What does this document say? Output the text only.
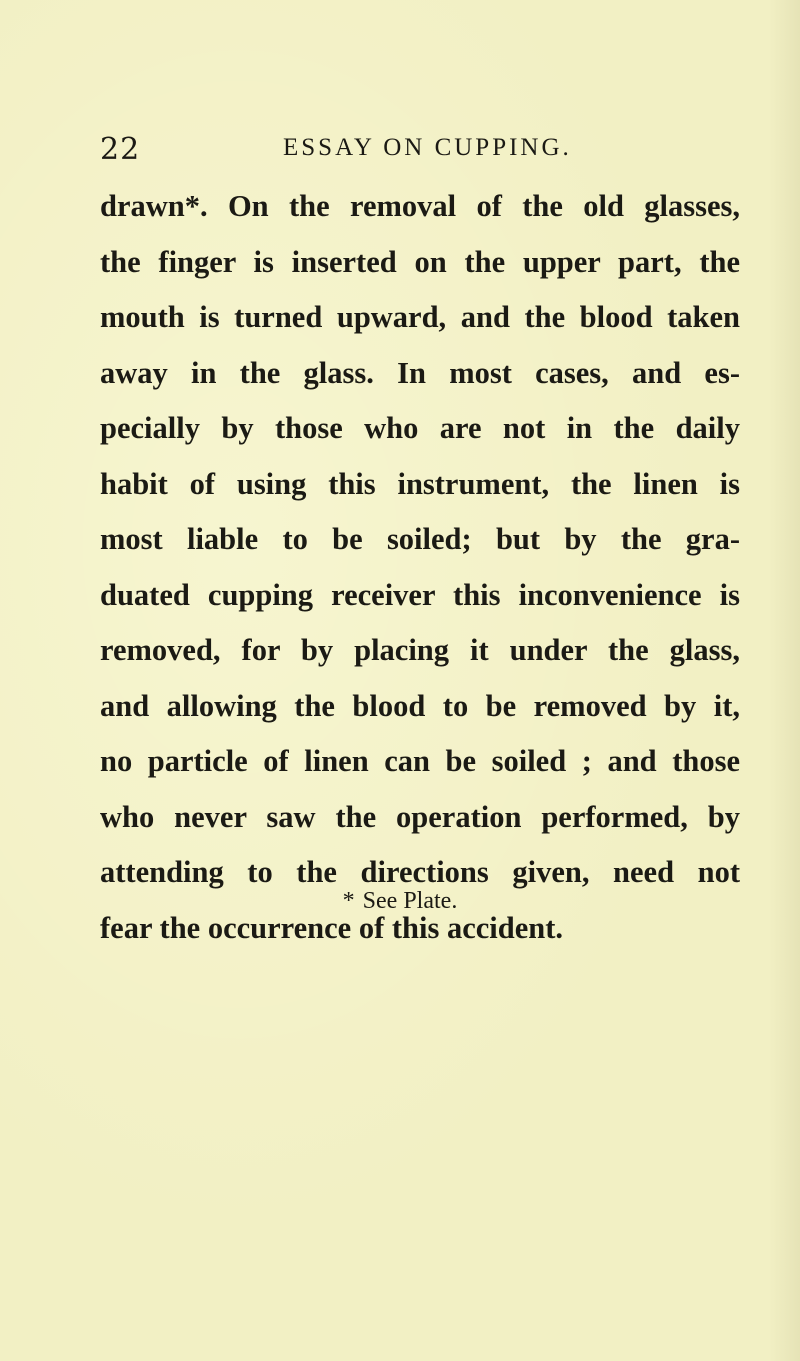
22	ESSAY ON CUPPING.
drawn*. On the removal of the old glasses,
the finger is inserted on the upper part, the
mouth is turned upward, and the blood taken
away in the glass. In most cases, and es-
pecially by those who are not in the daily
habit of using this instrument, the linen is
most liable to be soiled; but by the gra-
duated cupping receiver this inconvenience is
removed, for by placing it under the glass,
and allowing the blood to be removed by it,
no particle of linen can be soiled ; and those
who never saw the operation performed, by
attending to the directions given, need not
fear the occurrence of this accident.
* See Plate.
